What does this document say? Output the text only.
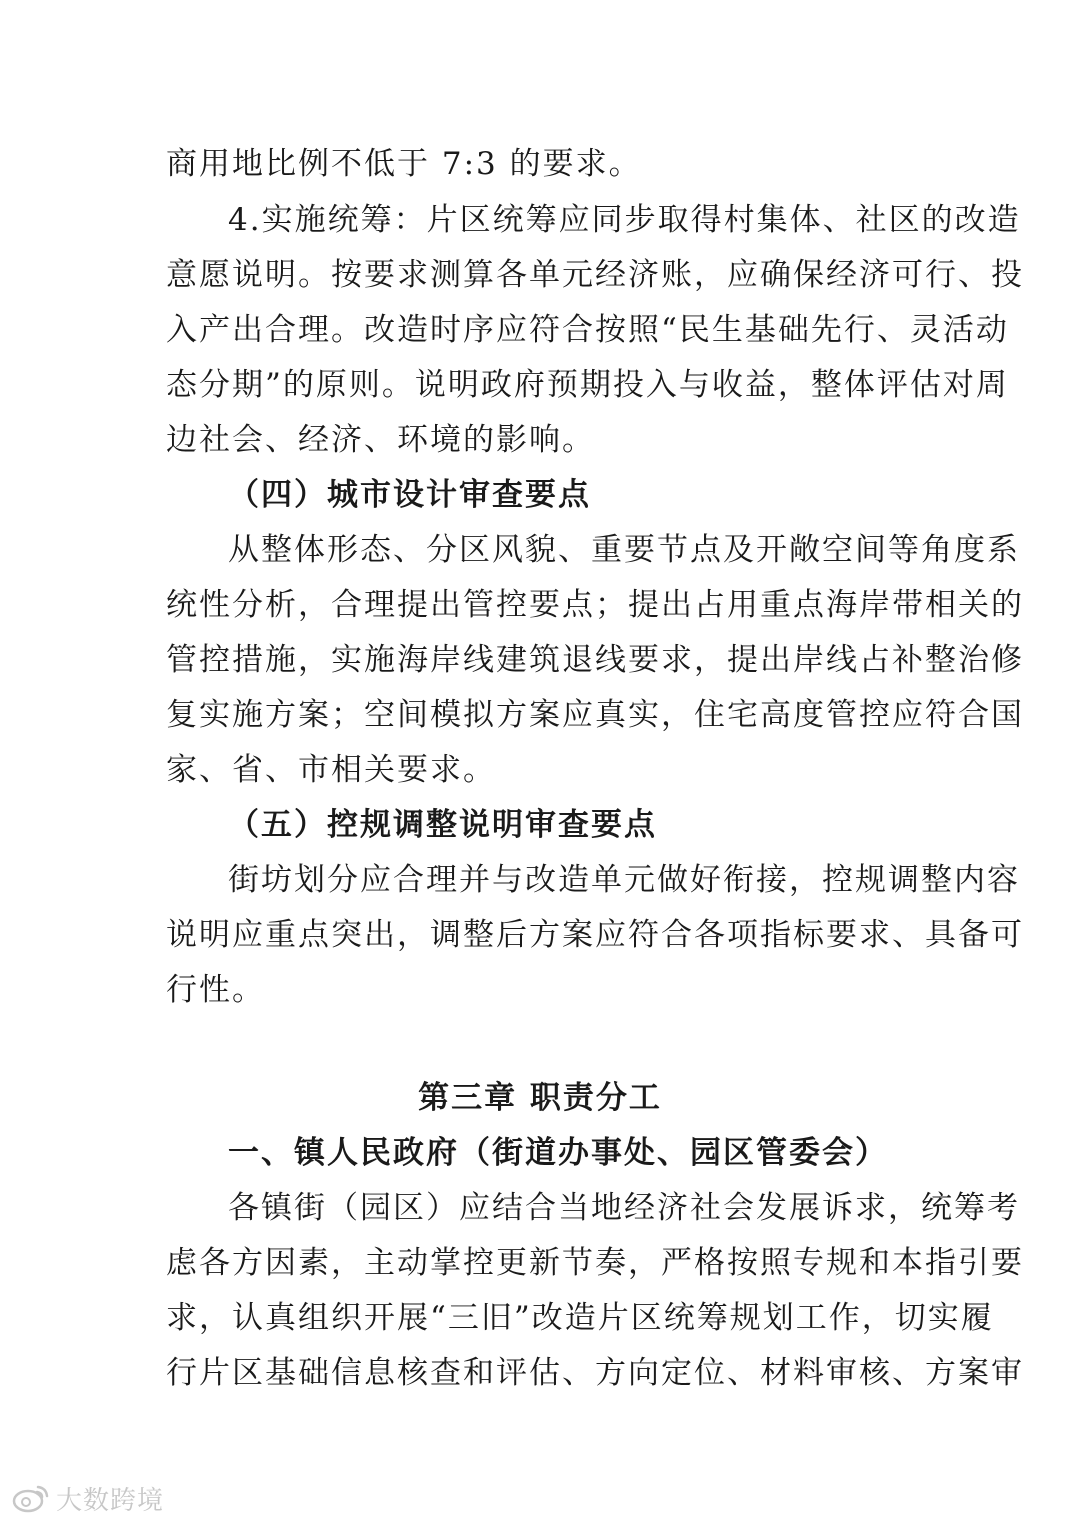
商用地比例不低于 7:3 的要求。
4.实施统筹：片区统筹应同步取得村集体、社区的改造
意愿说明。按要求测算各单元经济账，应确保经济可行、投
入产出合理。改造时序应符合按照“民生基础先行、灵活动
态分期”的原则。说明政府预期投入与收益，整体评估对周
边社会、经济、环境的影响。
（四）城市设计审查要点
从整体形态、分区风貌、重要节点及开敞空间等角度系
统性分析，合理提出管控要点；提出占用重点海岸带相关的
管控措施，实施海岸线建筑退线要求，提出岸线占补整治修
复实施方案；空间模拟方案应真实，住宅高度管控应符合国
家、省、市相关要求。
（五）控规调整说明审查要点
街坊划分应合理并与改造单元做好衔接，控规调整内容
说明应重点突出，调整后方案应符合各项指标要求、具备可
行性。
第三章 职责分工
一、镇人民政府（街道办事处、园区管委会）
各镇街（园区）应结合当地经济社会发展诉求，统筹考
虑各方因素，主动掌控更新节奏，严格按照专规和本指引要
求，认真组织开展“三旧”改造片区统筹规划工作，切实履
行片区基础信息核查和评估、方向定位、材料审核、方案审
大数跨境
